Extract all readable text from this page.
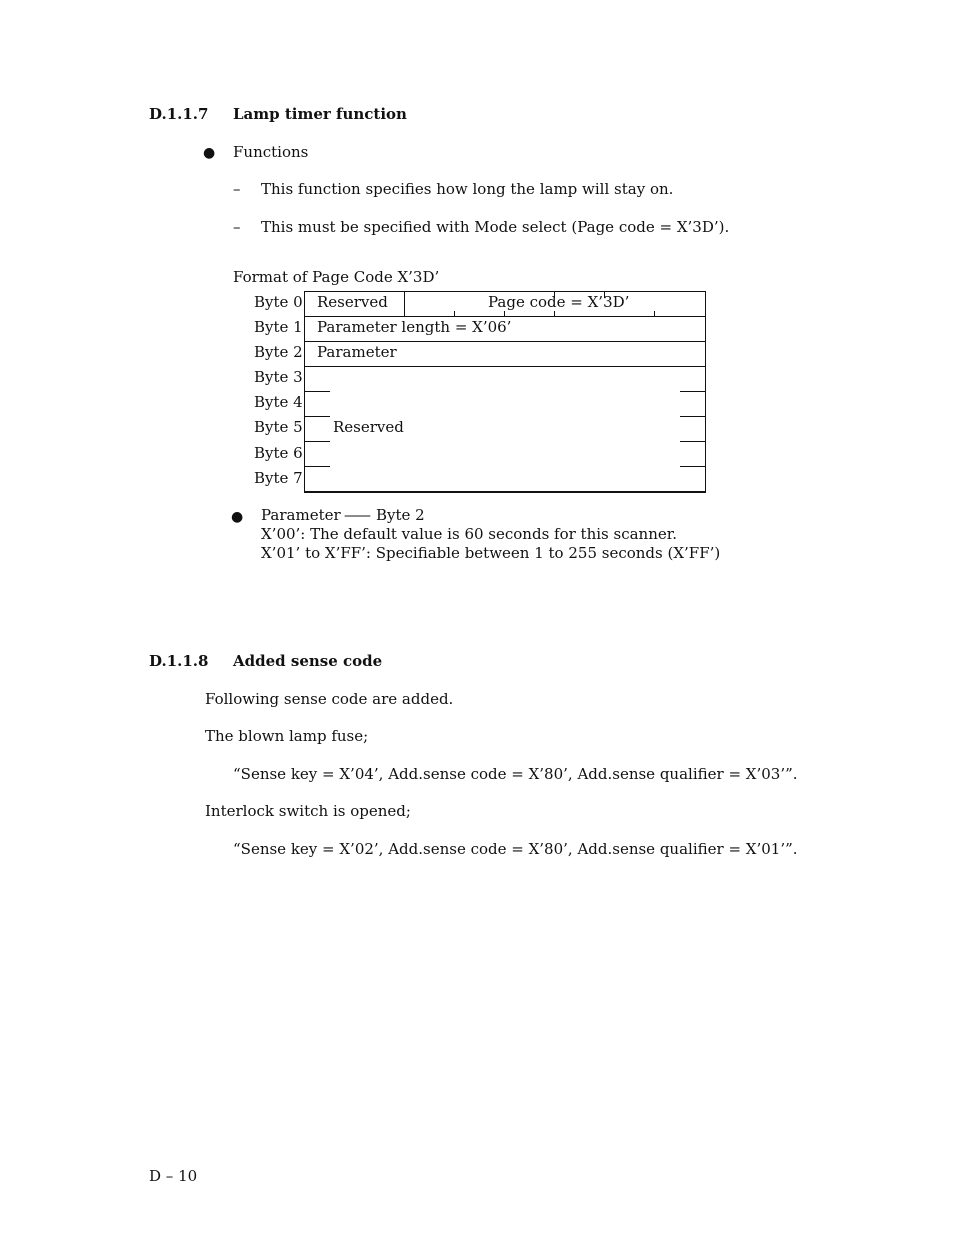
D.1.1.7 Lamp timer function
● Functions
– This function specifies how long the lamp will stay on.
– This must be specified with Mode select (Page code = X’3D’).
Format of Page Code X’3D’
Byte 0
Byte 1
Byte 2
Byte 3
Byte 4
Byte 5
Byte 6
Byte 7
Reserved	Page code = X’3D’
Parameter length = X’06’
Parameter
Reserved
● Parameter —— Byte 2
X’00’: The default value is 60 seconds for this scanner.
X’01’ to X’FF’: Specifiable between 1 to 255 seconds (X’FF’)
D.1.1.8 Added sense code
Following sense code are added.
The blown lamp fuse;
“Sense key = X’04’, Add.sense code = X’80’, Add.sense qualifier = X’03’”.
Interlock switch is opened;
“Sense key = X’02’, Add.sense code = X’80’, Add.sense qualifier = X’01’”.
D – 10
